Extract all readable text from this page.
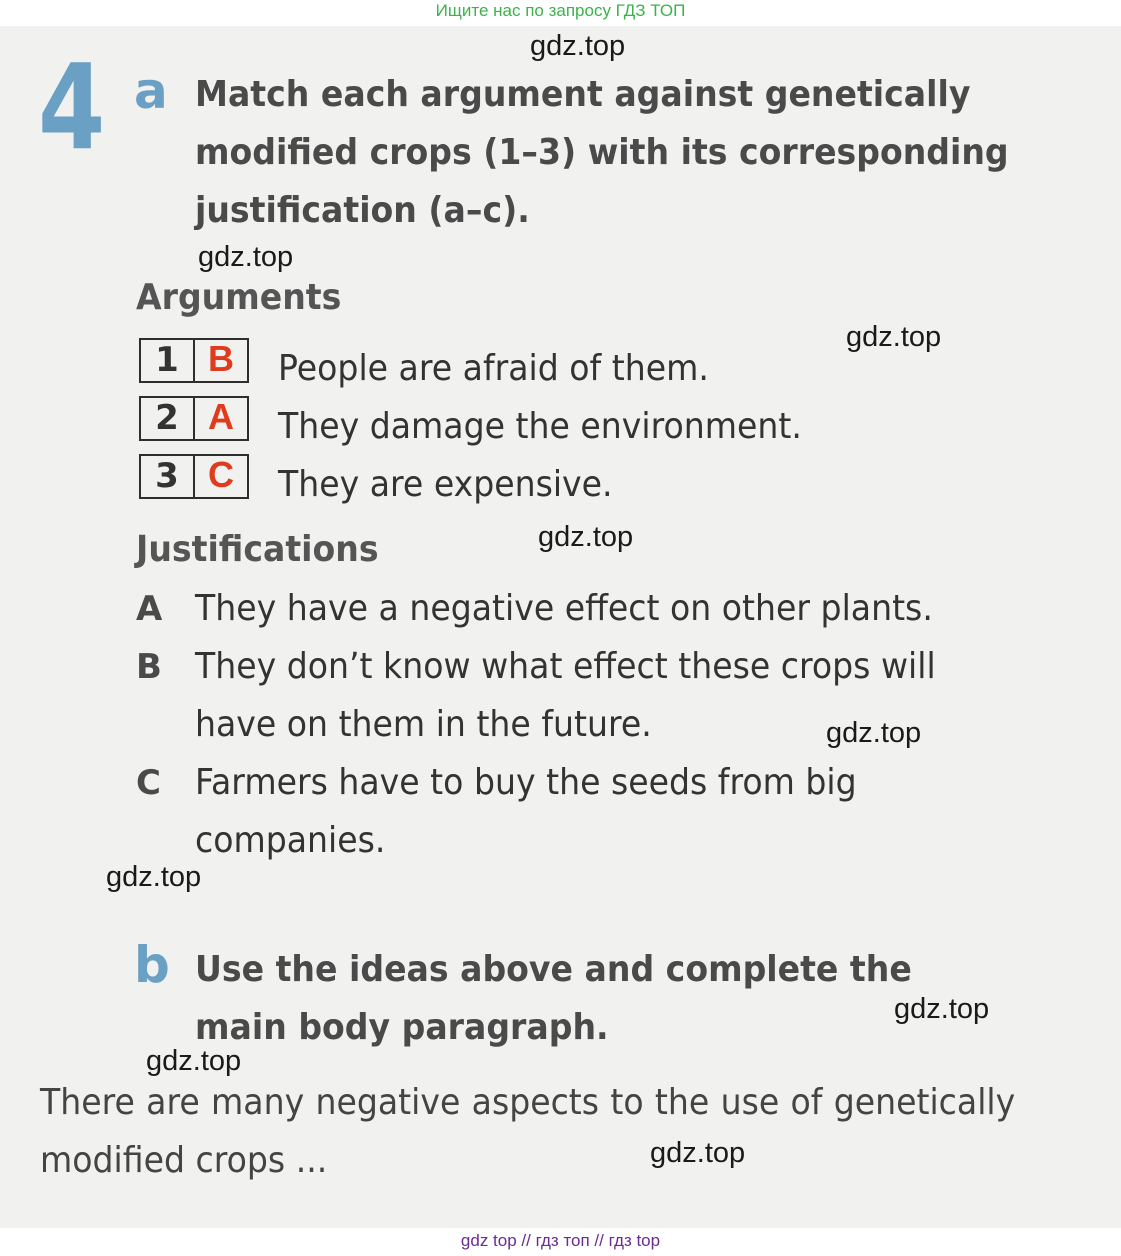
Ищите нас по запросу ГДЗ ТОП
4 a Match each argument against genetically modified crops (1–3) with its corresponding justification (a–c).
Arguments
1 B	People are afraid of them.
2 A	They damage the environment.
3 C	They are expensive.
Justifications
A They have a negative effect on other plants.
B They don’t know what effect these crops will
have on them in the future.
C Farmers have to buy the seeds from big
companies.
b Use the ideas above and complete the main body paragraph.
There are many negative aspects to the use of genetically modified crops ...
gdz.top
gdz.top
gdz.top
gdz.top
gdz.top
gdz.top
gdz.top
gdz.top
gdz.top
gdz top // гдз топ // гдз top
